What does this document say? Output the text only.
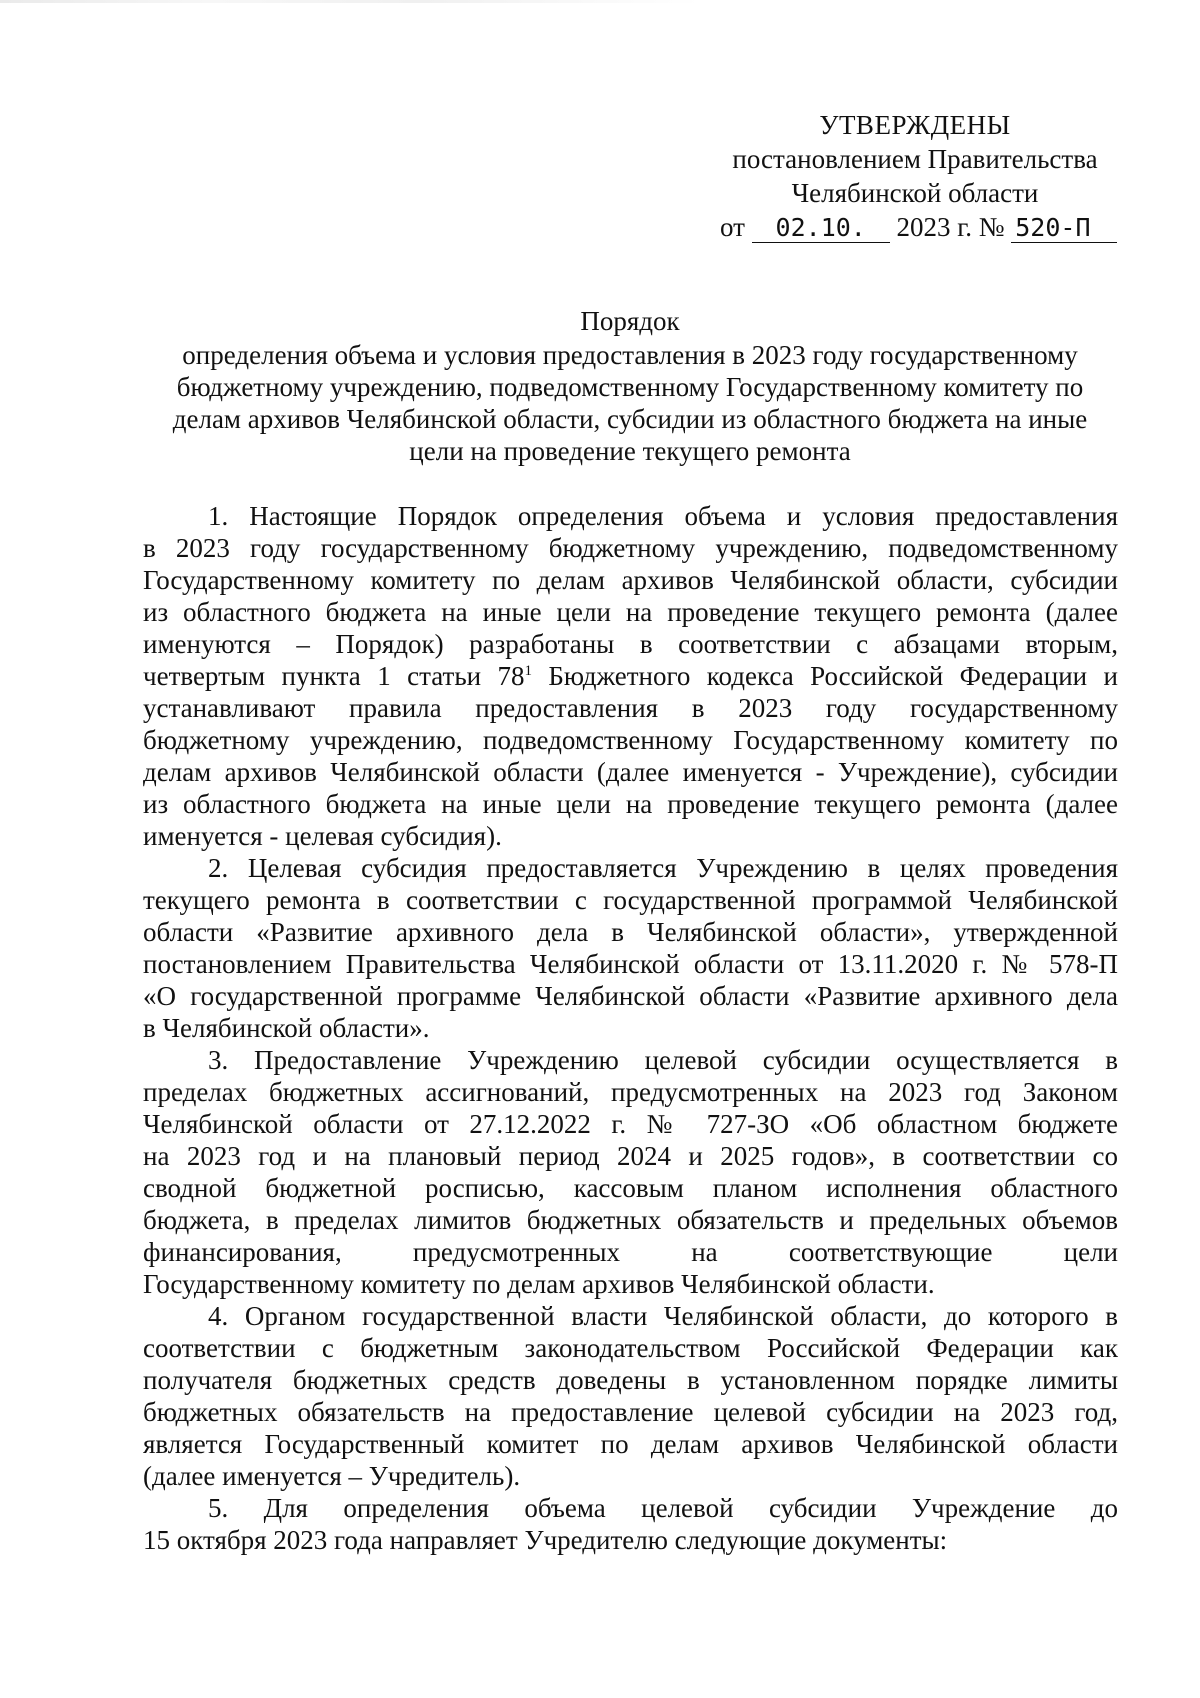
УТВЕРЖДЕНЫ
постановлением Правительства
Челябинской области
от 02.10. 2023 г. № 520-П
Порядок
определения объема и условия предоставления в 2023 году государственному
бюджетному учреждению, подведомственному Государственному комитету по
делам архивов Челябинской области, субсидии из областного бюджета на иные
цели на проведение текущего ремонта

1. Настоящие Порядок определения объема и условия предоставления
в 2023 году государственному бюджетному учреждению, подведомственному
Государственному комитету по делам архивов Челябинской области, субсидии
из областного бюджета на иные цели на проведение текущего ремонта (далее
именуются – Порядок) разработаны в соответствии с абзацами вторым,
четвертым пункта 1 статьи $78^1$ Бюджетного кодекса Российской Федерации и
устанавливают правила предоставления в 2023 году государственному
бюджетному учреждению, подведомственному Государственному комитету по
делам архивов Челябинской области (далее именуется - Учреждение), субсидии
из областного бюджета на иные цели на проведение текущего ремонта (далее
именуется - целевая субсидия).

2. Целевая субсидия предоставляется Учреждению в целях проведения
текущего ремонта в соответствии с государственной программой Челябинской
области «Развитие архивного дела в Челябинской области», утвержденной
постановлением Правительства Челябинской области от 13.11.2020 г. № 578-П
«О государственной программе Челябинской области «Развитие архивного дела
в Челябинской области».

3. Предоставление Учреждению целевой субсидии осуществляется в
пределах бюджетных ассигнований, предусмотренных на 2023 год Законом
Челябинской области от 27.12.2022 г. № 727-ЗО «Об областном бюджете
на 2023 год и на плановый период 2024 и 2025 годов», в соответствии со
сводной бюджетной росписью, кассовым планом исполнения областного
бюджета, в пределах лимитов бюджетных обязательств и предельных объемов
финансирования, предусмотренных на соответствующие цели
Государственному комитету по делам архивов Челябинской области.

4. Органом государственной власти Челябинской области, до которого в
соответствии с бюджетным законодательством Российской Федерации как
получателя бюджетных средств доведены в установленном порядке лимиты
бюджетных обязательств на предоставление целевой субсидии на 2023 год,
является Государственный комитет по делам архивов Челябинской области
(далее именуется – Учредитель).

5. Для определения объема целевой субсидии Учреждение до
15 октября 2023 года направляет Учредителю следующие документы:
